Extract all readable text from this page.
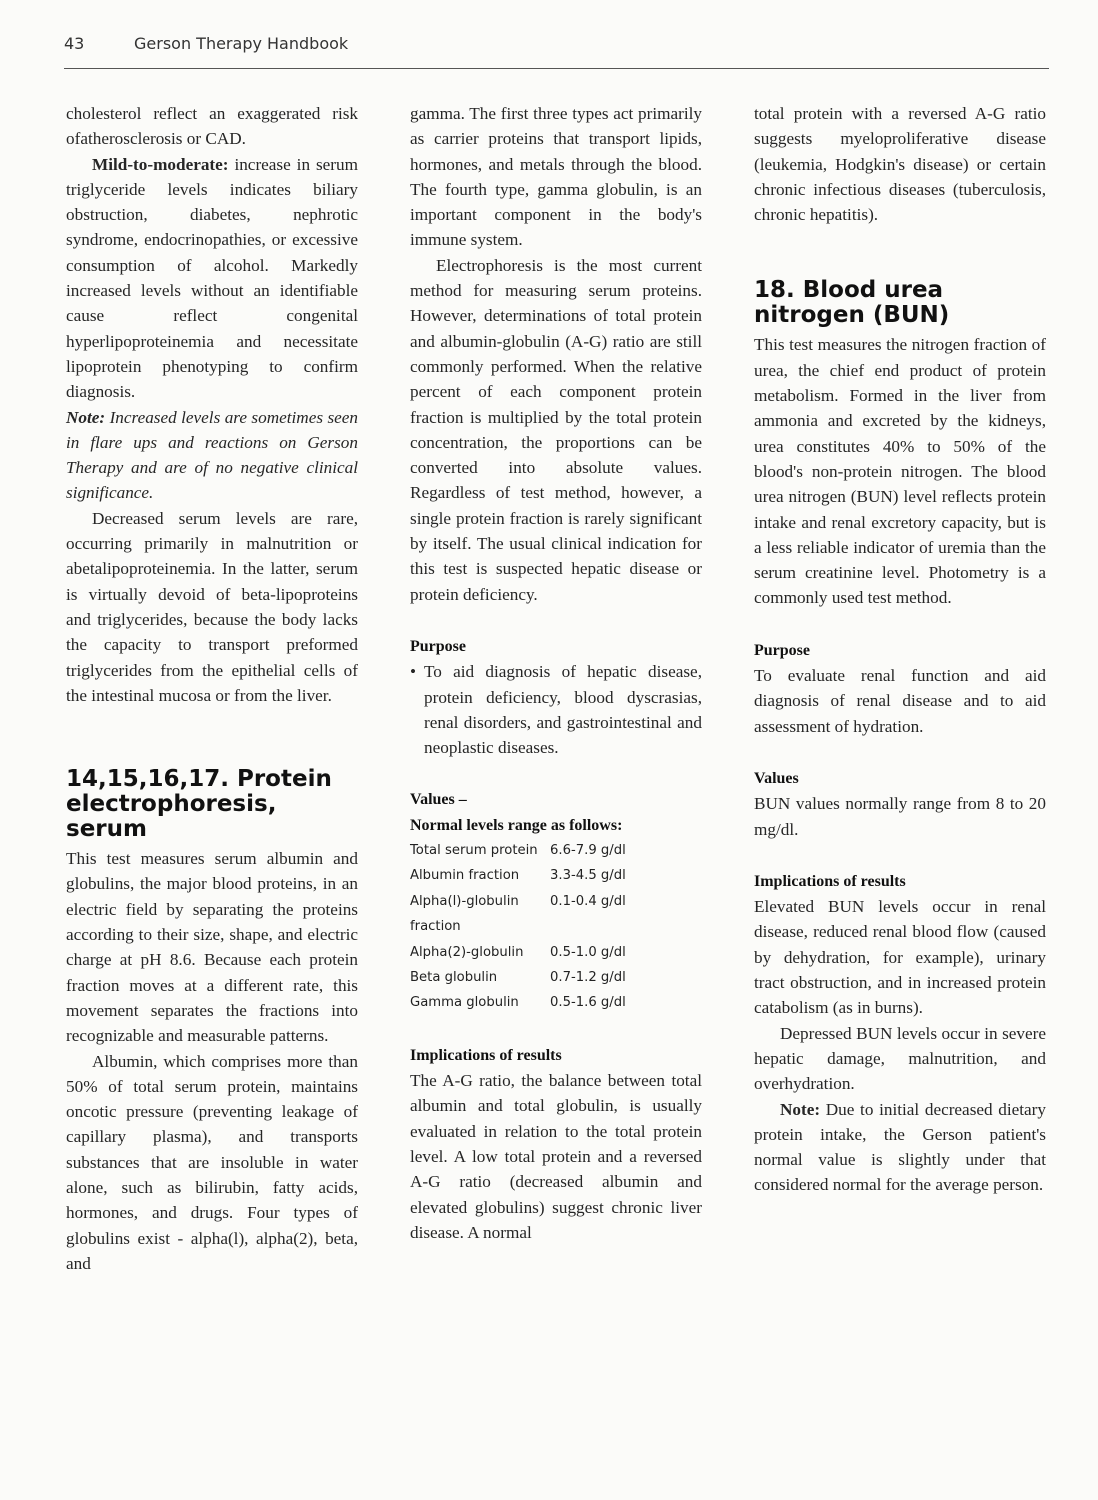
43	Gerson Therapy Handbook

cholesterol reflect an exaggerated risk ofatherosclerosis or CAD.

Mild-to-moderate: increase in serum triglyceride levels indicates biliary obstruction, diabetes, nephrotic syndrome, endocrinopathies, or excessive consumption of alcohol. Markedly increased levels without an identifiable cause reflect congenital hyperlipoproteinemia and necessitate lipoprotein phenotyping to confirm diagnosis.

Note: Increased levels are sometimes seen in flare ups and reactions on Gerson Therapy and are of no negative clinical significance.

Decreased serum levels are rare, occurring primarily in malnutrition or abetalipoproteinemia. In the latter, serum is virtually devoid of beta-lipoproteins and triglycerides, because the body lacks the capacity to transport preformed triglycerides from the epithelial cells of the intestinal mucosa or from the liver.

14,15,16,17. Protein electrophoresis, serum

This test measures serum albumin and globulins, the major blood proteins, in an electric field by separating the proteins according to their size, shape, and electric charge at pH 8.6. Because each protein fraction moves at a different rate, this movement separates the fractions into recognizable and measurable patterns.

Albumin, which comprises more than 50% of total serum protein, maintains oncotic pressure (preventing leakage of capillary plasma), and transports substances that are insoluble in water alone, such as bilirubin, fatty acids, hormones, and drugs. Four types of globulins exist - alpha(l), alpha(2), beta, and

gamma. The first three types act primarily as carrier proteins that transport lipids, hormones, and metals through the blood. The fourth type, gamma globulin, is an important component in the body's immune system.

Electrophoresis is the most current method for measuring serum proteins. However, determinations of total protein and albumin-globulin (A-G) ratio are still commonly performed. When the relative percent of each component protein fraction is multiplied by the total protein concentration, the proportions can be converted into absolute values. Regardless of test method, however, a single protein fraction is rarely significant by itself. The usual clinical indication for this test is suspected hepatic disease or protein deficiency.

Purpose
• To aid diagnosis of hepatic disease, protein deficiency, blood dyscrasias, renal disorders, and gastrointestinal and neoplastic diseases.
Values –
Normal levels range as follows:
Total serum protein 6.6-7.9 g/dl
Albumin fraction	3.3-4.5 g/dl
Alpha(l)-globulin	0.1-0.4 g/dl
fraction
Alpha(2)-globulin	0.5-1.0 g/dl
Beta globulin	0.7-1.2 g/dl
Gamma globulin	0.5-1.6 g/dl
Implications of results

The A-G ratio, the balance between total albumin and total globulin, is usually evaluated in relation to the total protein level. A low total protein and a reversed A-G ratio (decreased albumin and elevated globulins) suggest chronic liver disease. A normal

total protein with a reversed A-G ratio suggests myeloproliferative disease (leukemia, Hodgkin's disease) or certain chronic infectious diseases (tuberculosis, chronic hepatitis).

18. Blood urea nitrogen (BUN)

This test measures the nitrogen fraction of urea, the chief end product of protein metabolism. Formed in the liver from ammonia and excreted by the kidneys, urea constitutes 40% to 50% of the blood's non-protein nitrogen. The blood urea nitrogen (BUN) level reflects protein intake and renal excretory capacity, but is a less reliable indicator of uremia than the serum creatinine level. Photometry is a commonly used test method.

Purpose

To evaluate renal function and aid diagnosis of renal disease and to aid assessment of hydration.

Values

BUN values normally range from 8 to 20 mg/dl.

Implications of results

Elevated BUN levels occur in renal disease, reduced renal blood flow (caused by dehydration, for example), urinary tract obstruction, and in increased protein catabolism (as in burns).

Depressed BUN levels occur in severe hepatic damage, malnutrition, and overhydration.

Note: Due to initial decreased dietary protein intake, the Gerson patient's normal value is slightly under that considered normal for the average person.
